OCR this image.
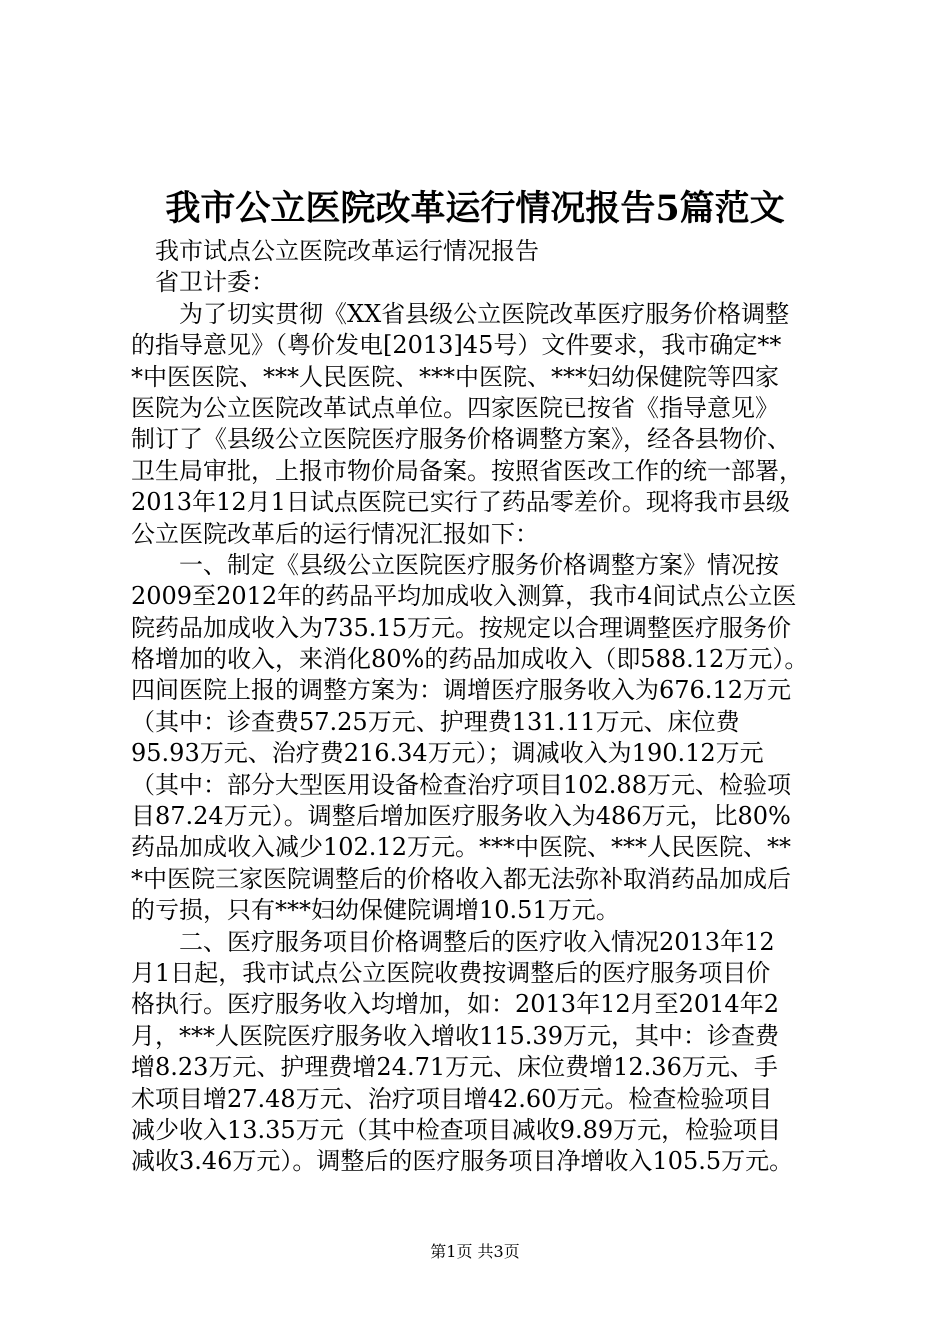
我市公立医院改革运行情况报告5篇范文
　我市试点公立医院改革运行情况报告
　省卫计委：
　　为了切实贯彻《XX省县级公立医院改革医疗服务价格调整
的指导意见》（粤价发电[2013]45号）文件要求，我市确定**
*中医医院、***人民医院、***中医院、***妇幼保健院等四家
医院为公立医院改革试点单位。四家医院已按省《指导意见》
制订了《县级公立医院医疗服务价格调整方案》，经各县物价、
卫生局审批，上报市物价局备案。按照省医改工作的统一部署，
2013年12月1日试点医院已实行了药品零差价。现将我市县级
公立医院改革后的运行情况汇报如下：
　　一、制定《县级公立医院医疗服务价格调整方案》情况按
2009至2012年的药品平均加成收入测算，我市4间试点公立医
院药品加成收入为735.15万元。按规定以合理调整医疗服务价
格增加的收入，来消化80%的药品加成收入（即588.12万元）。
四间医院上报的调整方案为：调增医疗服务收入为676.12万元
（其中：诊查费57.25万元、护理费131.11万元、床位费
95.93万元、治疗费216.34万元）；调减收入为190.12万元
（其中：部分大型医用设备检查治疗项目102.88万元、检验项
目87.24万元）。调整后增加医疗服务收入为486万元，比80%
药品加成收入减少102.12万元。***中医院、***人民医院、**
*中医院三家医院调整后的价格收入都无法弥补取消药品加成后
的亏损，只有***妇幼保健院调增10.51万元。
　　二、医疗服务项目价格调整后的医疗收入情况2013年12
月1日起，我市试点公立医院收费按调整后的医疗服务项目价
格执行。医疗服务收入均增加，如：2013年12月至2014年2
月，***人医院医疗服务收入增收115.39万元，其中：诊查费
增8.23万元、护理费增24.71万元、床位费增12.36万元、手
术项目增27.48万元、治疗项目增42.60万元。检查检验项目
减少收入13.35万元（其中检查项目减收9.89万元，检验项目
减收3.46万元）。调整后的医疗服务项目净增收入105.5万元。
第1页 共3页
